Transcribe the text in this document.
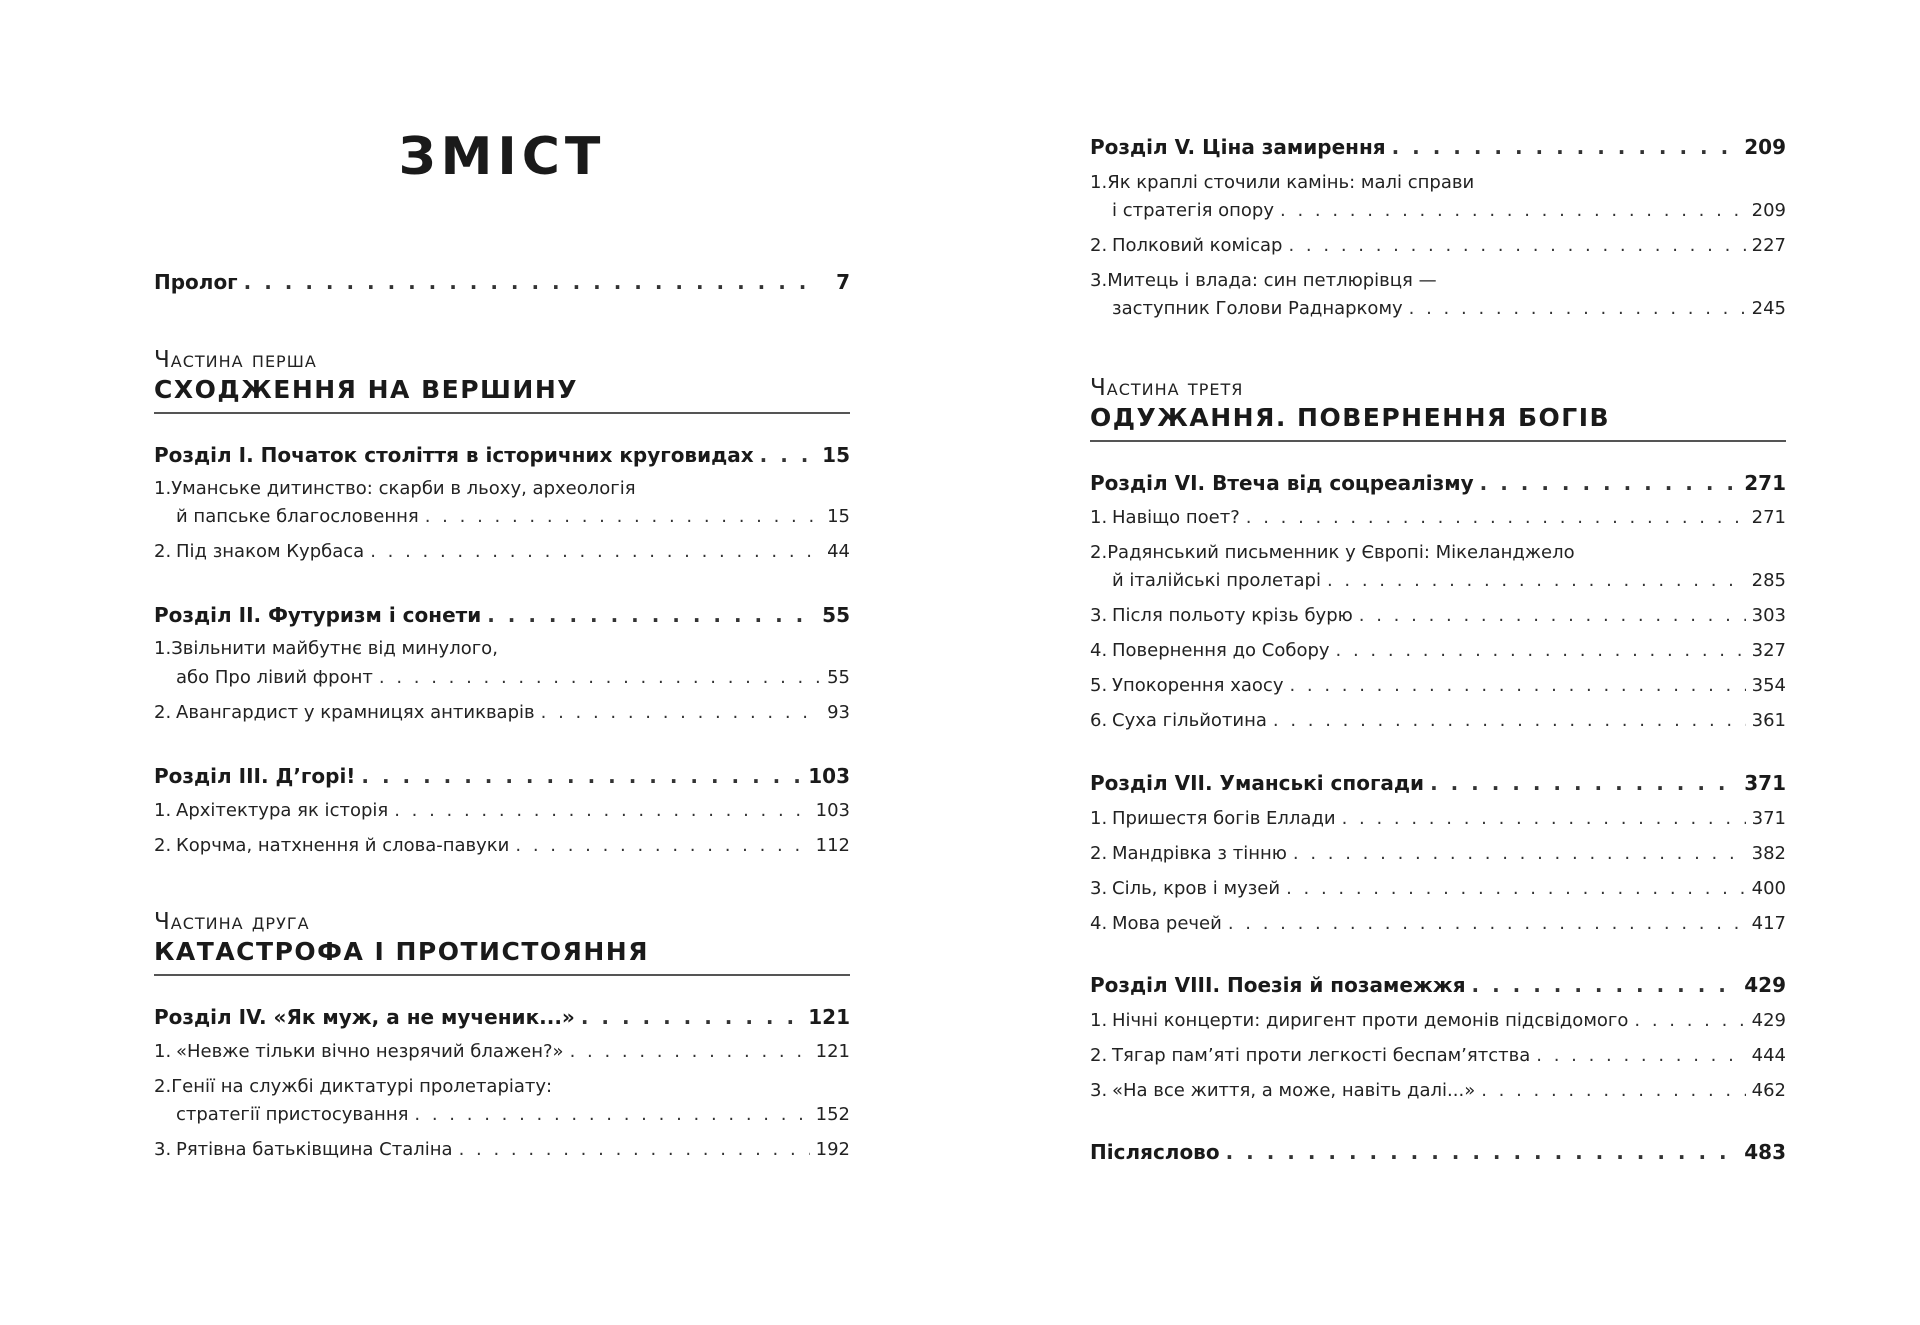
ЗМІСТ
Пролог . . .	7
Частина перша
СХОДЖЕННЯ НА ВЕРШИНУ
Розділ I. Початок століття в історичних круговидах . . .	15
1.Уманське дитинство: скарби в льоху, археологія
й папське благословення . . .	15
2. Під знаком Курбаса . . .	44
Розділ II. Футуризм і сонети . . .	55
1.Звільнити майбутнє від минулого,
або Про лівий фронт . . .	55
2. Авангардист у крамницях антикварів . . .	93
Розділ III. Д’горі! . . .	103
1. Архітектура як історія . . .	103
2. Корчма, натхнення й слова-павуки . . .	112
Частина друга
КАТАСТРОФА І ПРОТИСТОЯННЯ
Розділ IV. «Як муж, а не мученик...» . . .	121
1. «Невже тільки вічно незрячий блажен?» . . .	121
2.Генії на службі диктатурі пролетаріату:
стратегії пристосування . . .	152
3. Рятівна батьківщина Сталіна . . .	192
Розділ V. Ціна замирення . . .	209
1.Як краплі сточили камінь: малі справи
і стратегія опору . . .	209
2. Полковий комісар . . .	227
3.Митець і влада: син петлюрівця —
заступник Голови Раднаркому . . .	245
Частина третя
ОДУЖАННЯ. ПОВЕРНЕННЯ БОГІВ
Розділ VI. Втеча від соцреалізму . . .	271
1. Навіщо поет? . . .	271
2.Радянський письменник у Європі: Мікеланджело
й італійські пролетарі . . .	285
3. Після польоту крізь бурю . . .	303
4. Повернення до Собору . . .	327
5. Упокорення хаосу . . .	354
6. Суха гільйотина . . .	361
Розділ VII. Уманські спогади . . .	371
1. Пришестя богів Еллади . . .	371
2. Мандрівка з тінню . . .	382
3. Сіль, кров і музей . . .	400
4. Мова речей . . .	417
Розділ VIII. Поезія й позамежжя . . .	429
1. Нічні концерти: диригент проти демонів підсвідомого . . .	429
2. Тягар пам’яті проти легкості беспам’ятства . . .	444
3. «На все життя, а може, навіть далі...» . . .	462
Післяслово . . .	483
